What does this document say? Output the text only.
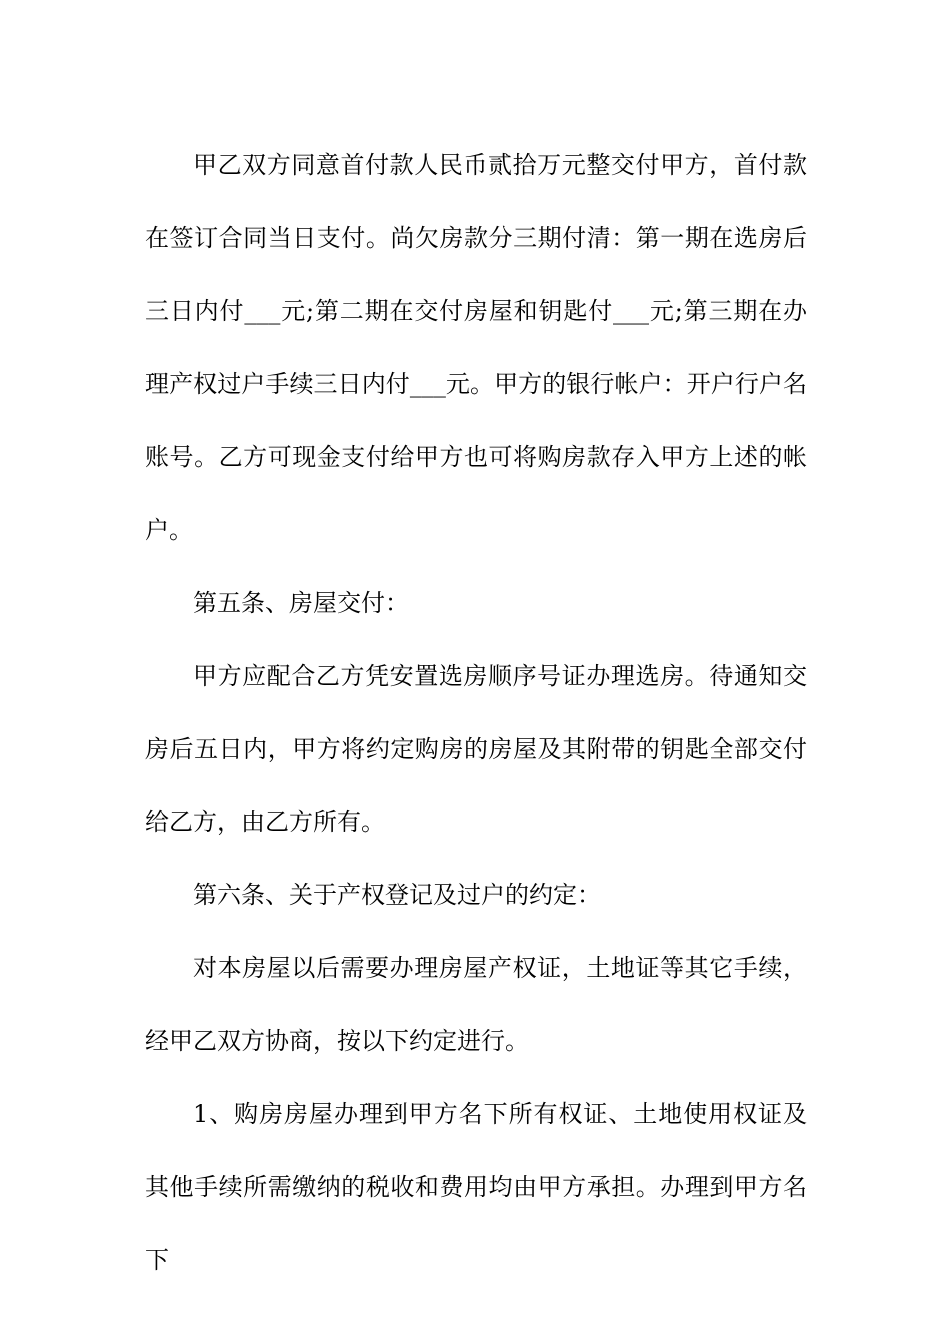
甲乙双方同意首付款人民币贰拾万元整交付甲方，首付款在签订合同当日支付。尚欠房款分三期付清：第一期在选房后三日内付___元;第二期在交付房屋和钥匙付___元;第三期在办理产权过户手续三日内付___元。甲方的银行帐户：开户行户名账号。乙方可现金支付给甲方也可将购房款存入甲方上述的帐户。

第五条、房屋交付：

甲方应配合乙方凭安置选房顺序号证办理选房。待通知交房后五日内，甲方将约定购房的房屋及其附带的钥匙全部交付给乙方，由乙方所有。

第六条、关于产权登记及过户的约定：

对本房屋以后需要办理房屋产权证，土地证等其它手续，经甲乙双方协商，按以下约定进行。

1、购房房屋办理到甲方名下所有权证、土地使用权证及其他手续所需缴纳的税收和费用均由甲方承担。办理到甲方名下
